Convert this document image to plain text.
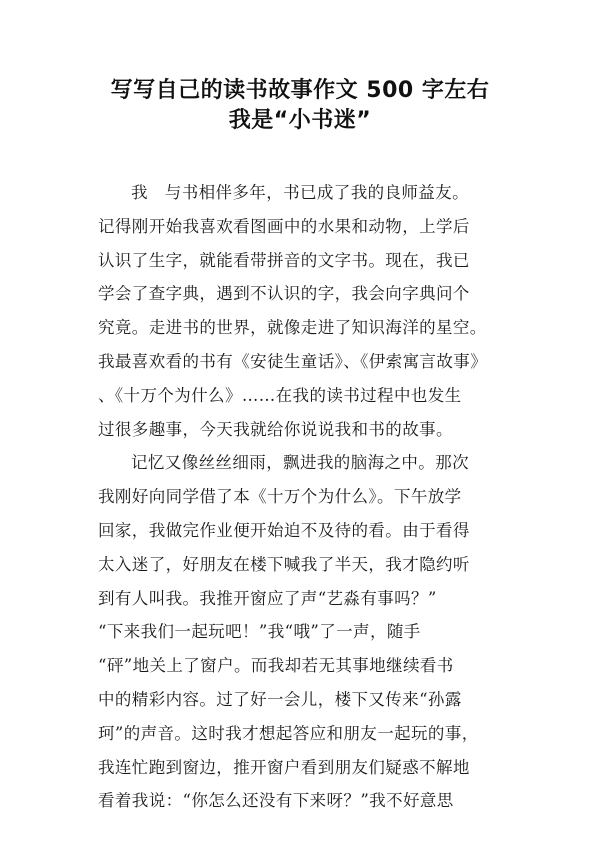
写写自己的读书故事作文 500 字左右
我是“小书迷”
我　与书相伴多年，书已成了我的良师益友。
记得刚开始我喜欢看图画中的水果和动物，上学后
认识了生字，就能看带拼音的文字书。现在，我已
学会了查字典，遇到不认识的字，我会向字典问个
究竟。走进书的世界，就像走进了知识海洋的星空。
我最喜欢看的书有《安徒生童话》、《伊索寓言故事》
、《十万个为什么》……在我的读书过程中也发生
过很多趣事，今天我就给你说说我和书的故事。
记忆又像丝丝细雨，飘进我的脑海之中。那次
我刚好向同学借了本《十万个为什么》。下午放学
回家，我做完作业便开始迫不及待的看。由于看得
太入迷了，好朋友在楼下喊我了半天，我才隐约听
到有人叫我。我推开窗应了声“艺淼有事吗？”
“下来我们一起玩吧！”我“哦”了一声，随手
“砰”地关上了窗户。而我却若无其事地继续看书
中的精彩内容。过了好一会儿，楼下又传来“孙露
珂”的声音。这时我才想起答应和朋友一起玩的事，
我连忙跑到窗边，推开窗户看到朋友们疑惑不解地
看着我说：“你怎么还没有下来呀？”我不好意思
